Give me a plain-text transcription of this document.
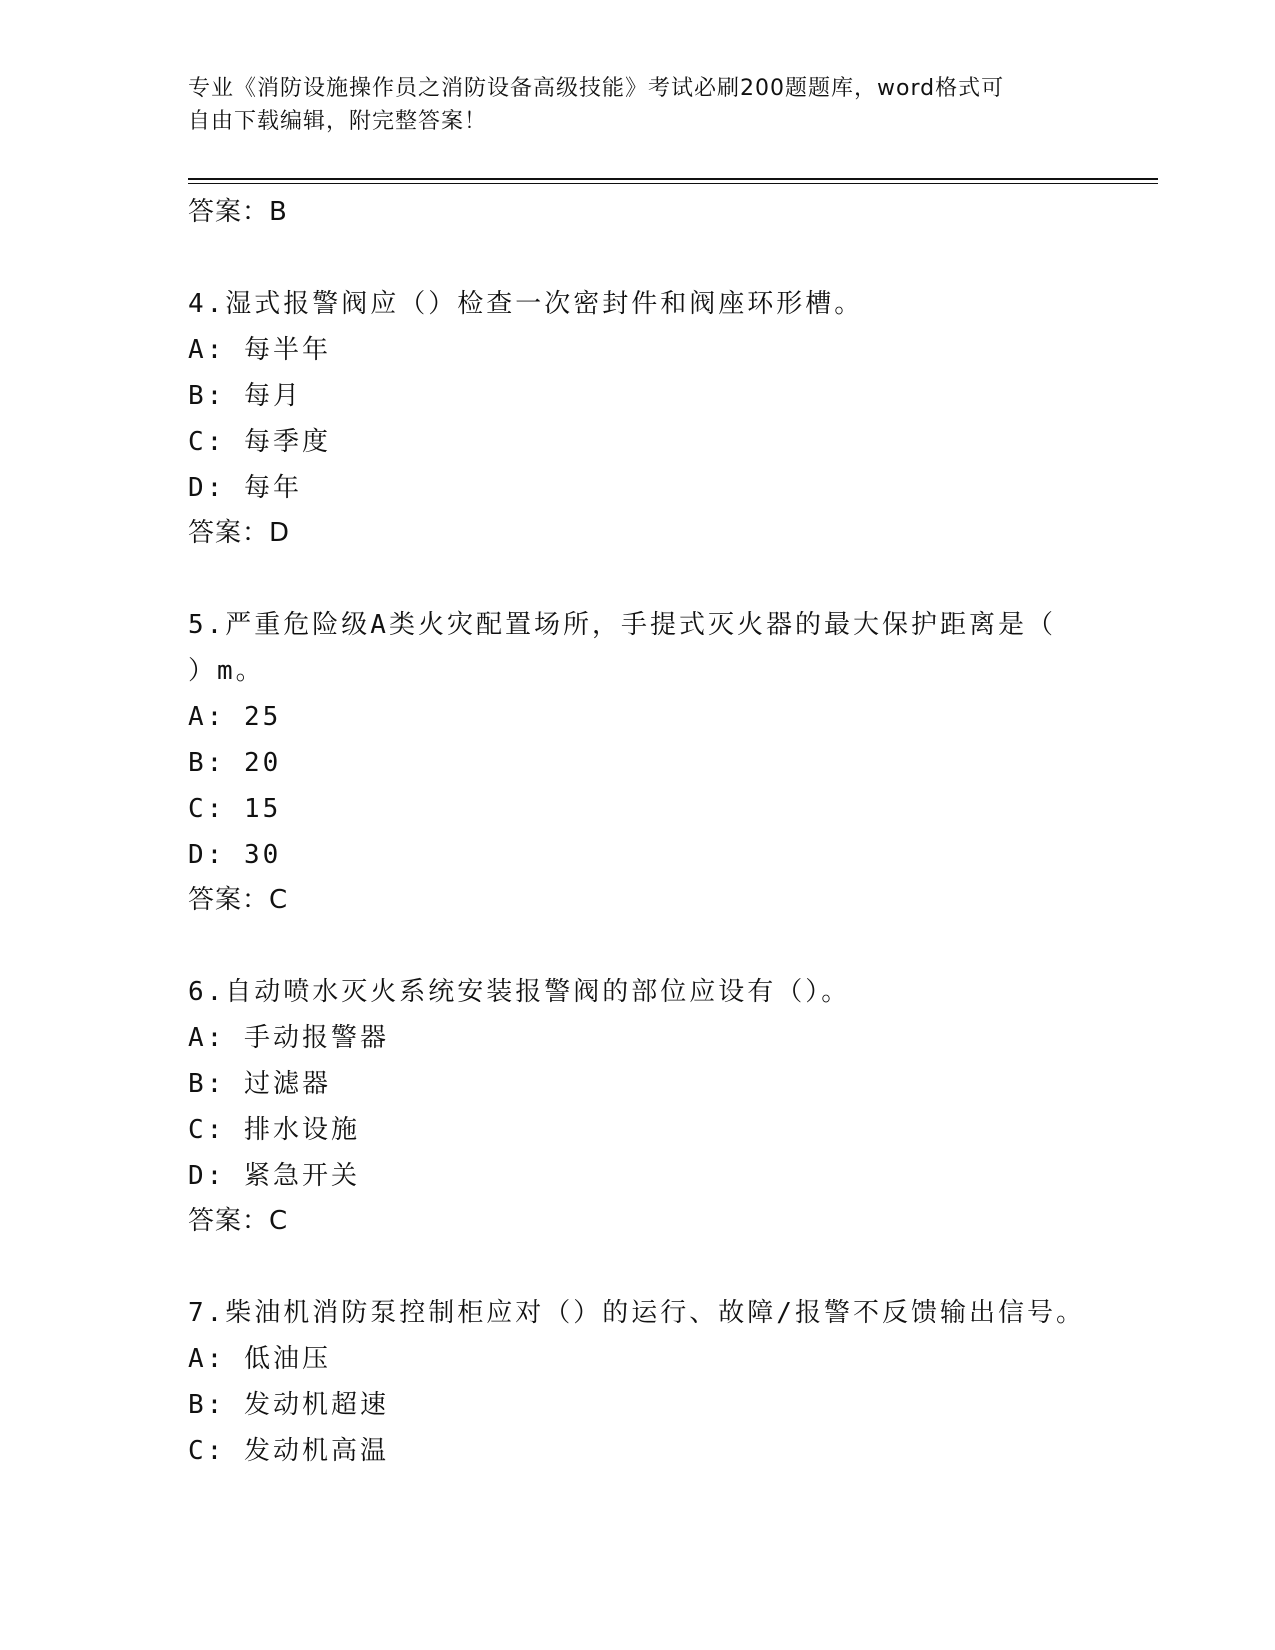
专业《消防设施操作员之消防设备高级技能》考试必刷200题题库，word格式可
自由下载编辑，附完整答案！
答案：B
4.湿式报警阀应（）检查一次密封件和阀座环形槽。
A: 每半年
B: 每月
C: 每季度
D: 每年
答案：D
5.严重危险级A类火灾配置场所，手提式灭火器的最大保护距离是（
）m。
A: 25
B: 20
C: 15
D: 30
答案：C
6.自动喷水灭火系统安装报警阀的部位应设有（）。
A: 手动报警器
B: 过滤器
C: 排水设施
D: 紧急开关
答案：C
7.柴油机消防泵控制柜应对（）的运行、故障/报警不反馈输出信号。
A: 低油压
B: 发动机超速
C: 发动机高温
